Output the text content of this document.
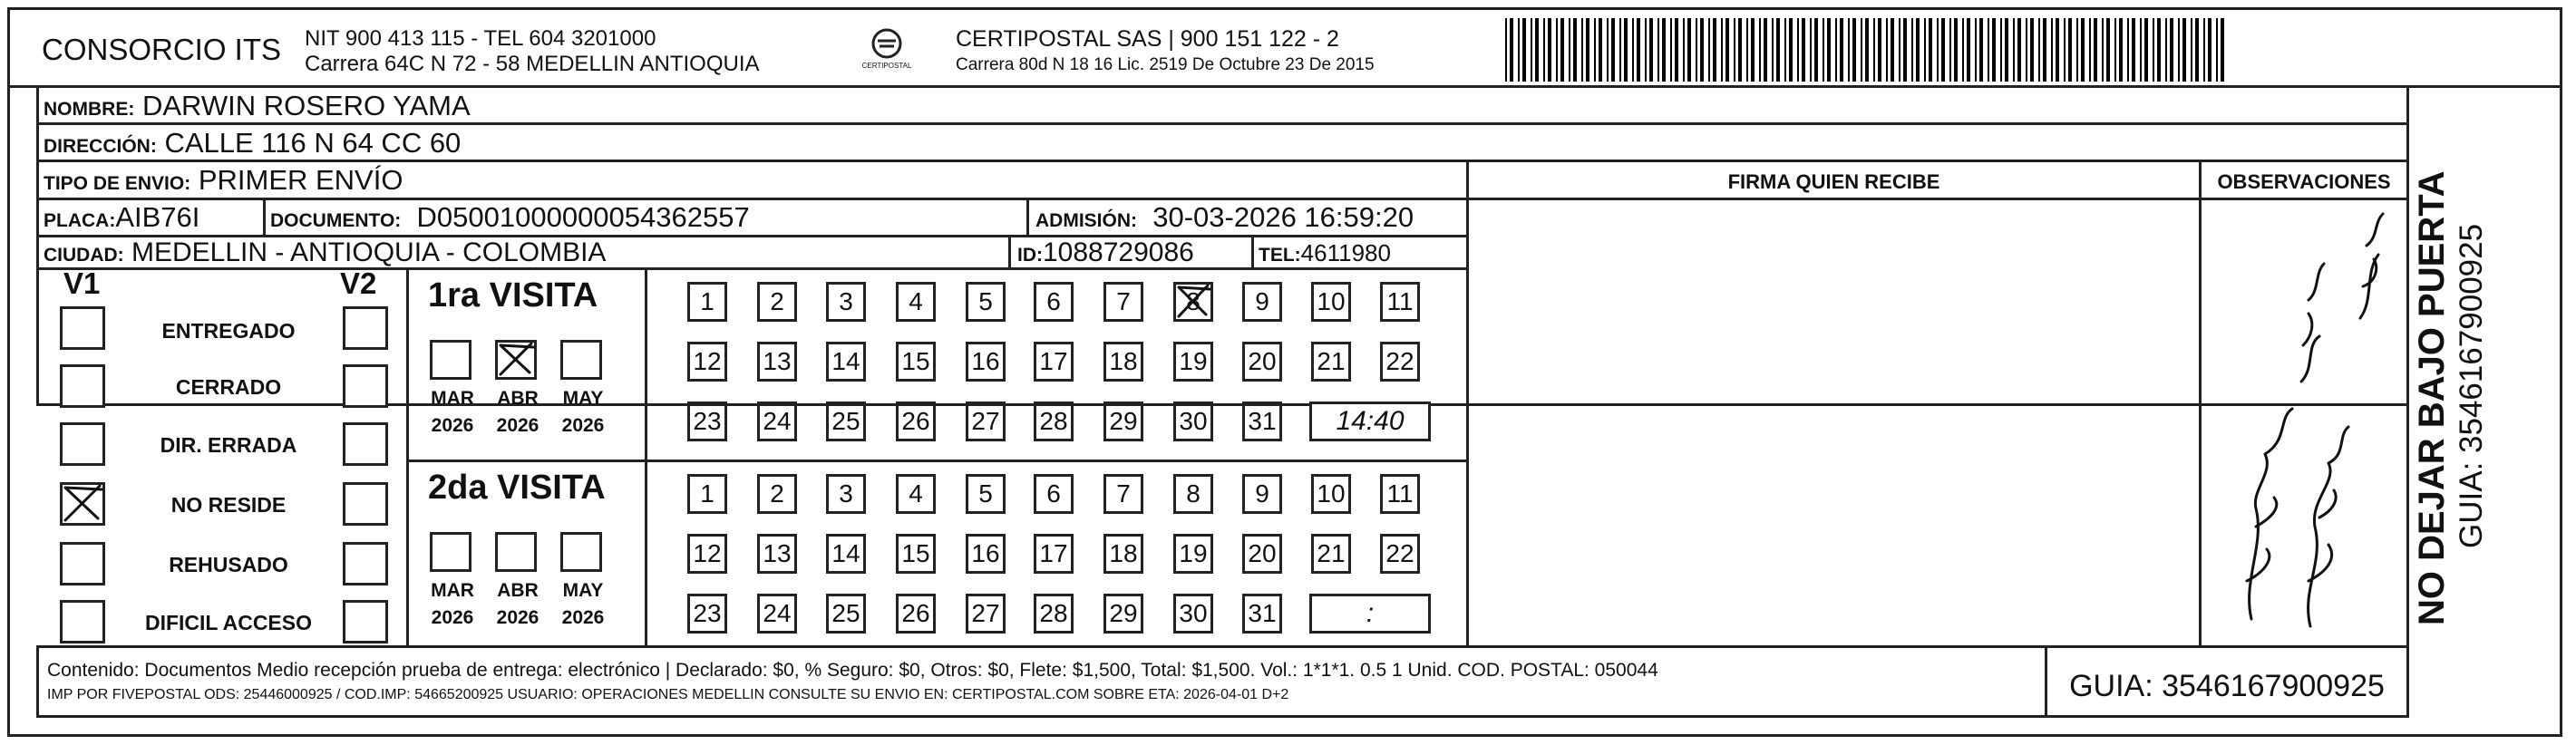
CONSORCIO ITS NIT 900 413 115 - TEL 604 3201000
Carrera 64C N 72 - 58 MEDELLIN ANTIOQUIA	CERTIPOSTAL
CERTIPOSTAL SAS | 900 151 122 - 2
Carrera 80d N 18 16 Lic. 2519 De Octubre 23 De 2015
NOMBRE: DARWIN ROSERO YAMA
DIRECCIÓN: CALLE 116 N 64 CC 60
TIPO DE ENVIO: PRIMER ENVÍO
PLACA:AIB76I	DOCUMENTO: D05001000000054362557	ADMISIÓN: 30-03-2026 16:59:20
CIUDAD: MEDELLIN - ANTIOQUIA - COLOMBIA	ID:1088729086	TEL:4611980
FIRMA QUIEN RECIBE	OBSERVACIONES
V1	V2
ENTREGADO
CERRADO
DIR. ERRADA
NO RESIDE
REHUSADO
DIFICIL ACCESO
1ra VISITA
MAR
2026
ABR
2026
MAY
2026
1	2	3	4	5	6	7	8	9	10 11
12 13 14 15 16 17 18 19 20 21 22
23 24 25 26 27 28 29 30 31	14:40
2da VISITA
MAR
2026
ABR
2026
MAY
2026
1	2	3	4	5	6	7	8	9	10 11
12 13 14 15 16 17 18 19 20 21 22
23 24 25 26 27 28 29 30 31	:
Contenido: Documentos Medio recepción prueba de entrega: electrónico | Declarado: $0, % Seguro: $0, Otros: $0, Flete: $1,500, Total: $1,500. Vol.: 1*1*1. 0.5 1 Unid. COD. POSTAL: 050044
IMP POR FIVEPOSTAL ODS: 25446000925 / COD.IMP: 54665200925 USUARIO: OPERACIONES MEDELLIN CONSULTE SU ENVIO EN: CERTIPOSTAL.COM SOBRE ETA: 2026-04-01 D+2	GUIA: 3546167900925
NO DEJAR BAJO PUERTA GUIA: 3546167900925
